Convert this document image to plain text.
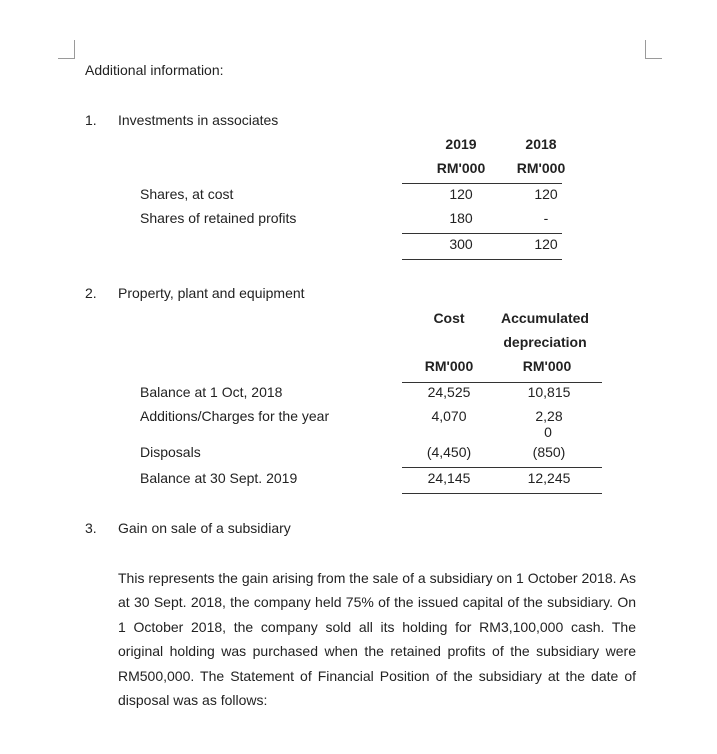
Additional information:
1. Investments in associates
2019	2018
RM'000	RM'000
Shares, at cost	120	120
Shares of retained profits	180	-
300	120
2. Property, plant and equipment
Cost	Accumulated
depreciation
RM'000	RM'000
Balance at 1 Oct, 2018	24,525	10,815
Additions/Charges for the year	4,070	2,28
0
Disposals	(4,450)	(850)
Balance at 30 Sept. 2019	24,145	12,245
3. Gain on sale of a subsidiary
This represents the gain arising from the sale of a subsidiary on 1 October 2018. As at 30 Sept. 2018, the company held 75% of the issued capital of the subsidiary. On 1 October 2018, the company sold all its holding for RM3,100,000 cash. The original holding was purchased when the retained profits of the subsidiary were RM500,000. The Statement of Financial Position of the subsidiary at the date of disposal was as follows:
